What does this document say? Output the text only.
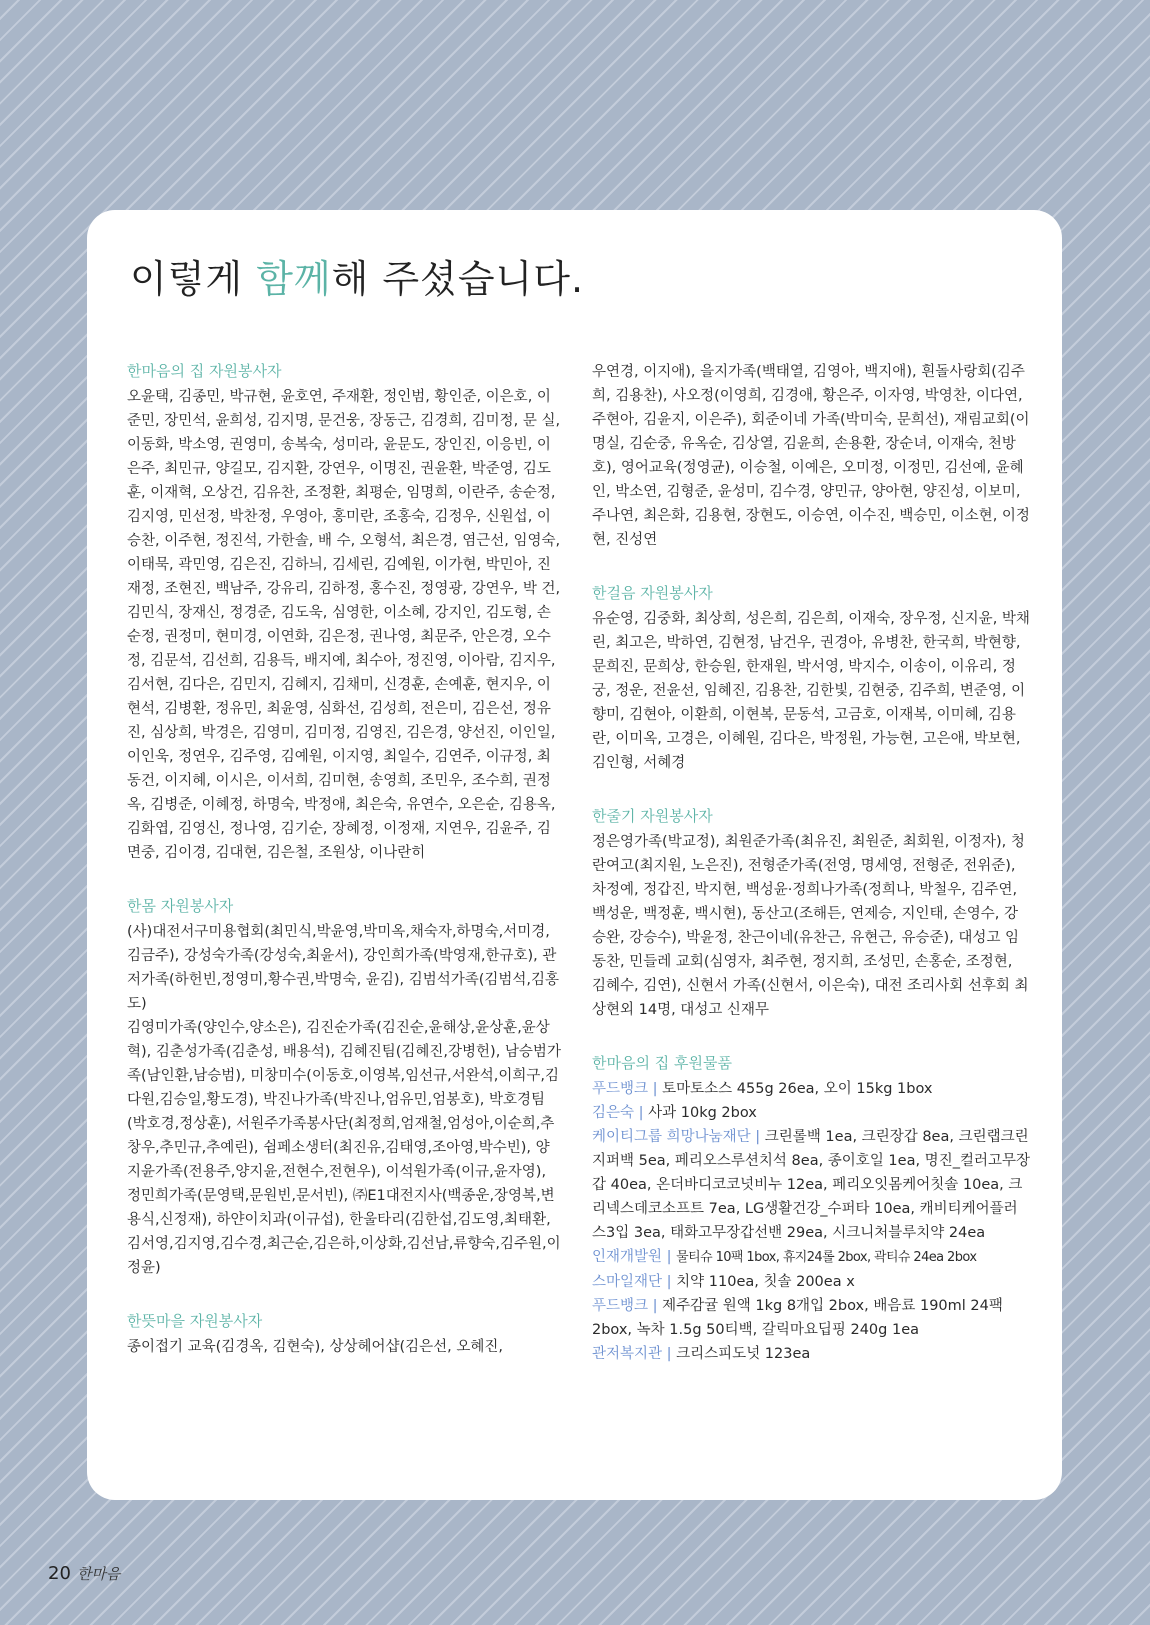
이렇게 함께해 주셨습니다.
한마음의 집 자원봉사자
오윤택, 김종민, 박규현, 윤호연, 주재환, 정인범, 황인준, 이은호, 이준민, 장민석, 윤희성, 김지명, 문건웅, 장동근, 김경희, 김미정, 문 실, 이동화, 박소영, 권영미, 송복숙, 성미라, 윤문도, 장인진, 이응빈, 이은주, 최민규, 양길모, 김지환, 강연우, 이명진, 권윤환, 박준영, 김도훈, 이재혁, 오상건, 김유찬, 조정환, 최평순, 임명희, 이란주, 송순정, 김지영, 민선정, 박찬정, 우영아, 홍미란, 조홍숙, 김정우, 신원섭, 이승찬, 이주현, 정진석, 가한솔, 배 수, 오형석, 최은경, 염근선, 임영숙, 이태묵, 곽민영, 김은진, 김하늬, 김세린, 김예원, 이가현, 박민아, 진재정, 조현진, 백남주, 강유리, 김하정, 홍수진, 정영광, 강연우, 박 건, 김민식, 장재신, 정경준, 김도욱, 심영한, 이소혜, 강지인, 김도형, 손순정, 권정미, 현미경, 이연화, 김은정, 권나영, 최문주, 안은경, 오수정, 김문석, 김선희, 김용득, 배지예, 최수아, 정진영, 이아람, 김지우, 김서현, 김다은, 김민지, 김혜지, 김채미, 신경훈, 손예훈, 현지우, 이현석, 김병환, 정유민, 최윤영, 심화선, 김성희, 전은미, 김은선, 정유진, 심상희, 박경은, 김영미, 김미정, 김영진, 김은경, 양선진, 이인일, 이인욱, 정연우, 김주영, 김예원, 이지영, 최일수, 김연주, 이규정, 최동건, 이지혜, 이시은, 이서희, 김미현, 송영희, 조민우, 조수희, 권정옥, 김병준, 이혜정, 하명숙, 박정애, 최은숙, 유연수, 오은순, 김용옥, 김화엽, 김영신, 정나영, 김기순, 장혜정, 이정재, 지연우, 김윤주, 김면중, 김이경, 김대현, 김은철, 조원상, 이나란히
한몸 자원봉사자

(사)대전서구미용협회(최민식,박윤영,박미옥,채숙자,하명숙,서미경,김금주), 강성숙가족(강성숙,최윤서), 강인희가족(박영재,한규호), 관저가족(하헌빈,정영미,황수권,박명숙, 윤김), 김범석가족(김범석,김홍도)

김영미가족(양인수,양소은), 김진순가족(김진순,윤해상,윤상훈,윤상혁), 김춘성가족(김춘성, 배용석), 김혜진팀(김혜진,강병헌), 남승범가족(남인환,남승범), 미창미수(이동호,이영복,임선규,서완석,이희구,김다원,김승일,황도경), 박진나가족(박진나,엄유민,엄봉호), 박호경팀(박호경,정상훈), 서원주가족봉사단(최정희,엄재철,엄성아,이순희,추창우,추민규,추예린), 쉼페소생터(최진유,김태영,조아영,박수빈), 양지윤가족(전용주,양지윤,전현수,전현우), 이석원가족(이규,윤자영), 정민희가족(문영택,문원빈,문서빈), ㈜E1대전지사(백종운,장영복,변용식,신정재), 하얀이치과(이규섭), 한울타리(김한섭,김도영,최태환,김서영,김지영,김수경,최근순,김은하,이상화,김선남,류향숙,김주원,이정윤)

한뜻마을 자원봉사자
종이접기 교육(김경옥, 김현숙), 상상헤어샵(김은선, 오혜진,
우연경, 이지애), 을지가족(백태열, 김영아, 백지애), 흰돌사랑회(김주희, 김용찬), 사오정(이영희, 김경애, 황은주, 이자영, 박영찬, 이다연, 주현아, 김윤지, 이은주), 회준이네 가족(박미숙, 문희선), 재림교회(이명실, 김순중, 유옥순, 김상열, 김윤희, 손용환, 장순녀, 이재숙, 천방호), 영어교육(정영균), 이승철, 이예은, 오미정, 이정민, 김선예, 윤혜인, 박소연, 김형준, 윤성미, 김수경, 양민규, 양아현, 양진성, 이보미, 주나연, 최은화, 김용현, 장현도, 이승연, 이수진, 백승민, 이소현, 이정현, 진성연
한걸음 자원봉사자
유순영, 김중화, 최상희, 성은희, 김은희, 이재숙, 장우정, 신지윤, 박채린, 최고은, 박하연, 김현정, 남건우, 권경아, 유병찬, 한국희, 박현향, 문희진, 문희상, 한승원, 한재원, 박서영, 박지수, 이송이, 이유리, 정궁, 정운, 전윤선, 임혜진, 김용찬, 김한빛, 김현중, 김주희, 변준영, 이향미, 김현아, 이환희, 이현복, 문동석, 고금호, 이재복, 이미혜, 김용란, 이미옥, 고경은, 이혜원, 김다은, 박정원, 가능현, 고은애, 박보현, 김인형, 서혜경
한줄기 자원봉사자
정은영가족(박교정), 최원준가족(최유진, 최원준, 최회원, 이정자), 청란여고(최지원, 노은진), 전형준가족(전영, 명세영, 전형준, 전위준), 차정예, 정갑진, 박지현, 백성윤·정희나가족(정희나, 박철우, 김주연, 백성운, 백정훈, 백시현), 동산고(조해든, 연제승, 지인태, 손영수, 강승완, 강승수), 박윤정, 찬근이네(유찬근, 유현근, 유승준), 대성고 임동찬, 민들레 교회(심영자, 최주현, 정지희, 조성민, 손홍순, 조정현, 김혜수, 김연), 신현서 가족(신현서, 이은숙), 대전 조리사회 선후회 최상현외 14명, 대성고 신재무
한마음의 집 후원물품

푸드뱅크 | 토마토소스 455g 26ea, 오이 15kg 1box

김은숙 | 사과 10kg 2box

케이티그룹 희망나눔재단 | 크린롤백 1ea, 크린장갑 8ea, 크린랩크린지퍼백 5ea, 페리오스루션치석 8ea, 종이호일 1ea, 명진_컬러고무장갑 40ea, 온더바디코코넛비누 12ea, 페리오잇몸케어칫솔 10ea, 크리넥스데코소프트 7ea, LG생활건강_수퍼타 10ea, 캐비티케어플러스3입 3ea, 태화고무장갑선밴 29ea, 시크니처블루치약 24ea

인재개발원 | 물티슈 10팩 1box, 휴지24롤 2box, 곽티슈 24ea 2box

스마일재단 | 치약 110ea, 칫솔 200ea x

푸드뱅크 | 제주감귤 원액 1kg 8개입 2box, 배음료 190ml 24팩 2box, 녹차 1.5g 50티백, 갈릭마요딥핑 240g 1ea

관저복지관 | 크리스피도넛 123ea

20 한마음
